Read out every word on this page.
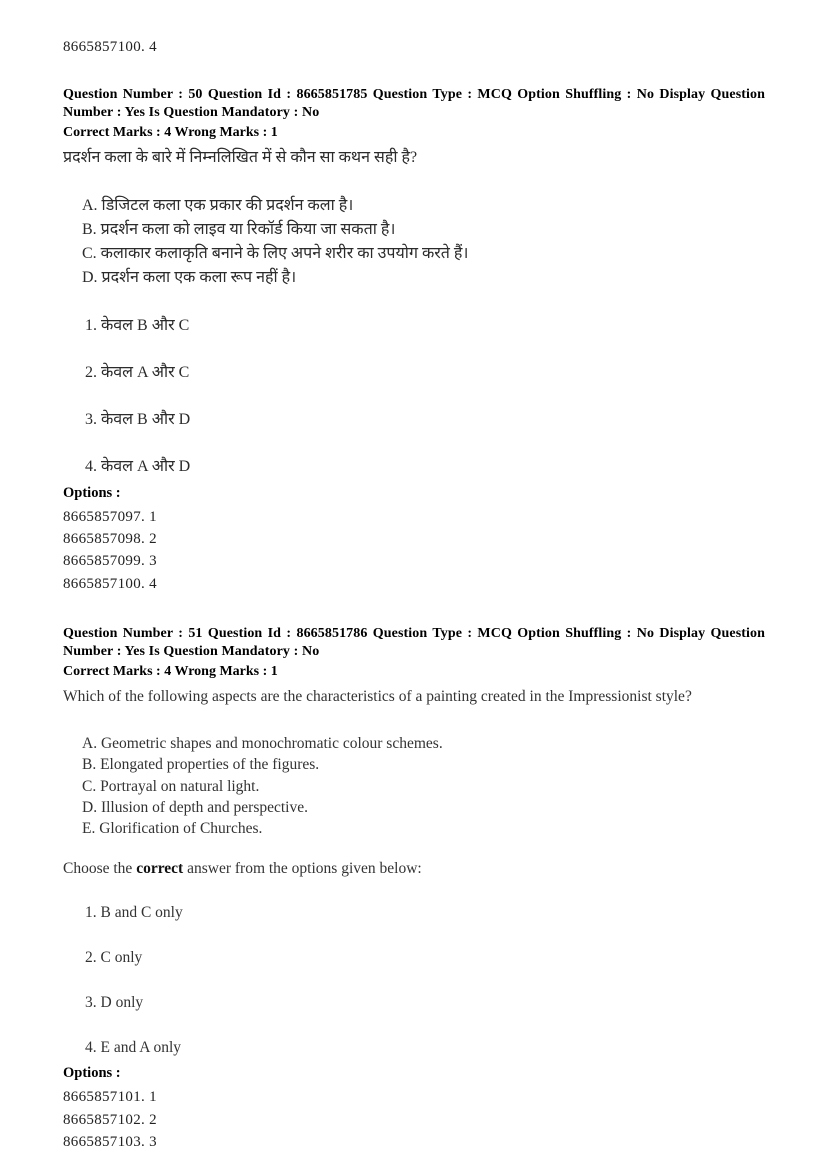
8665857100. 4

Question Number : 50 Question Id : 8665851785 Question Type : MCQ Option Shuffling : No Display Question Number : Yes Is Question Mandatory : No

Correct Marks : 4 Wrong Marks : 1

प्रदर्शन कला के बारे में निम्नलिखित में से कौन सा कथन सही है?

A. डिजिटल कला एक प्रकार की प्रदर्शन कला है।
B. प्रदर्शन कला को लाइव या रिकॉर्ड किया जा सकता है।
C. कलाकार कलाकृति बनाने के लिए अपने शरीर का उपयोग करते हैं।
D. प्रदर्शन कला एक कला रूप नहीं है।
1. केवल B और C
2. केवल A और C
3. केवल B और D
4. केवल A और D
Options :
8665857097. 1
8665857098. 2
8665857099. 3
8665857100. 4

Question Number : 51 Question Id : 8665851786 Question Type : MCQ Option Shuffling : No Display Question Number : Yes Is Question Mandatory : No

Correct Marks : 4 Wrong Marks : 1

Which of the following aspects are the characteristics of a painting created in the Impressionist style?

A. Geometric shapes and monochromatic colour schemes.
B. Elongated properties of the figures.
C. Portrayal on natural light.
D. Illusion of depth and perspective.
E. Glorification of Churches.

Choose the correct answer from the options given below:

1. B and C only
2. C only
3. D only
4. E and A only
Options :
8665857101. 1
8665857102. 2
8665857103. 3
